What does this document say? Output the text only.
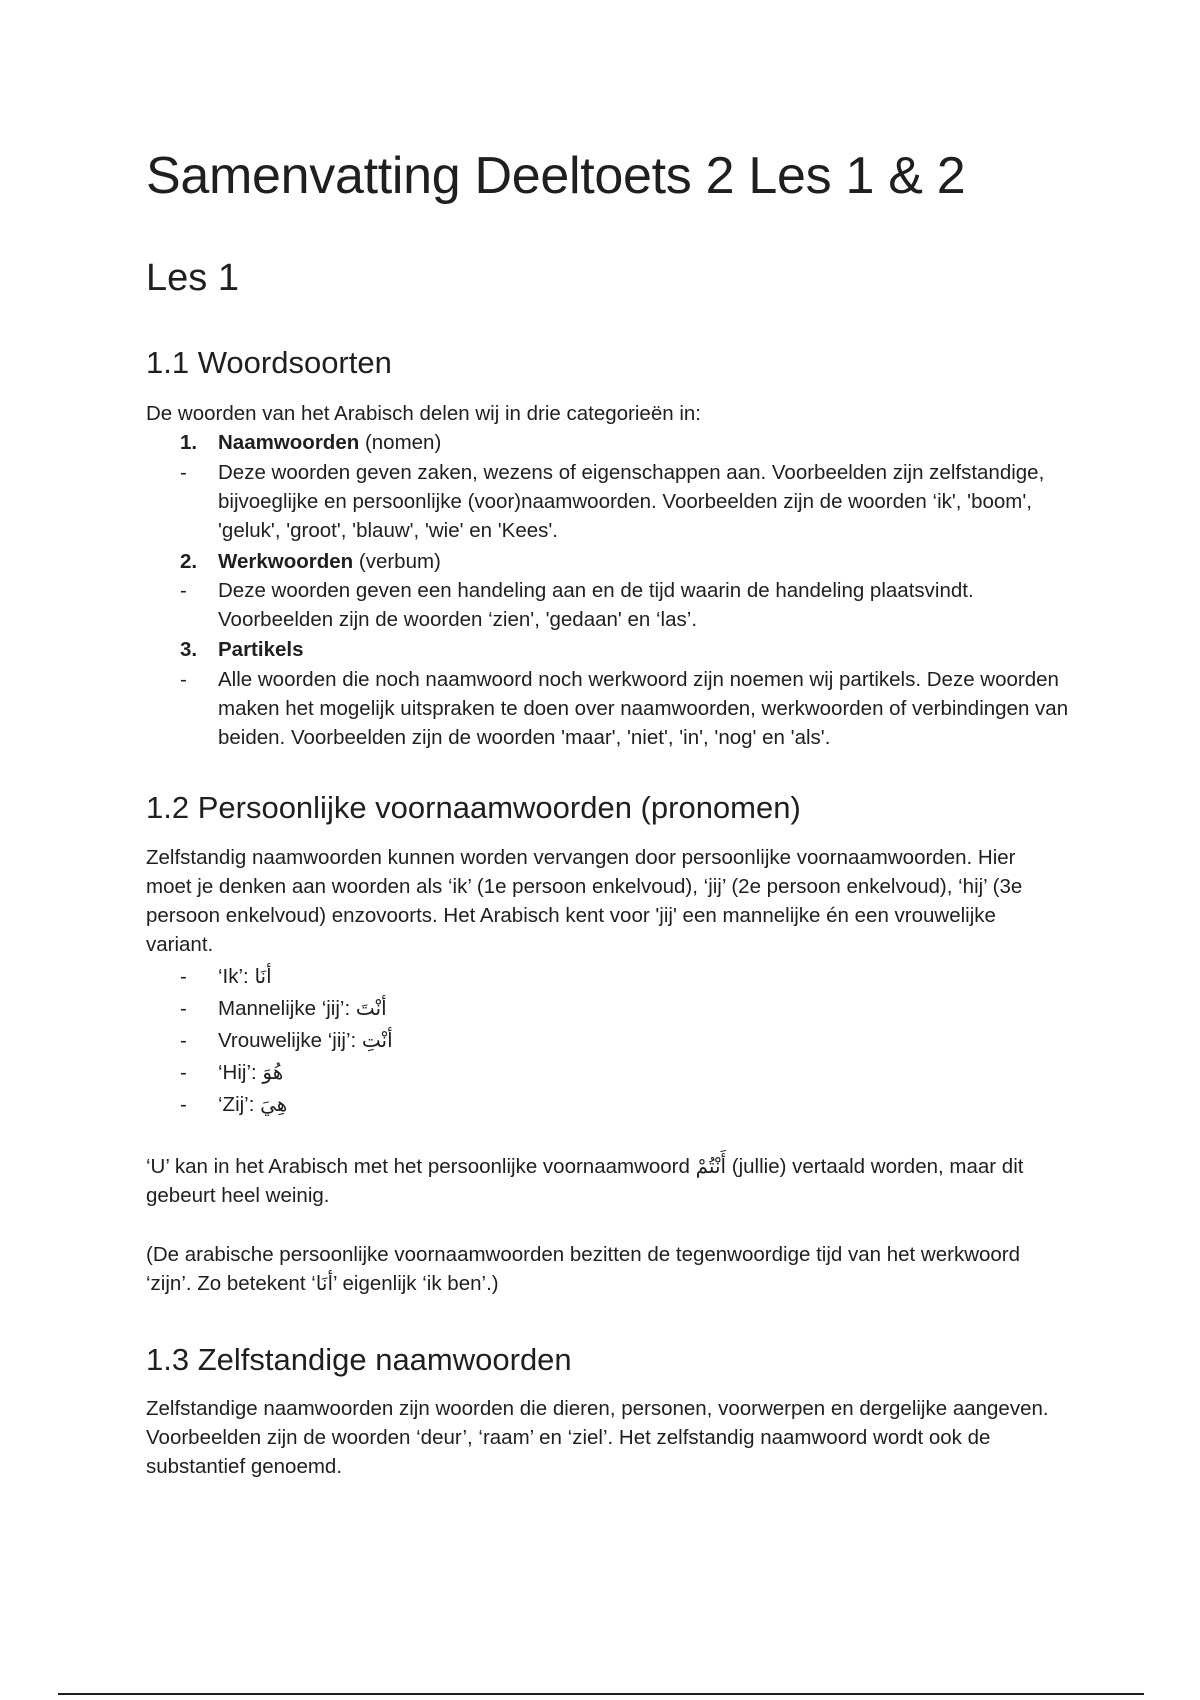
Samenvatting Deeltoets 2 Les 1 & 2
Les 1
1.1 Woordsoorten

De woorden van het Arabisch delen wij in drie categorieën in:

1. Naamwoorden (nomen)
- Deze woorden geven zaken, wezens of eigenschappen aan. Voorbeelden zijn zelfstandige, bijvoeglijke en persoonlijke (voor)naamwoorden. Voorbeelden zijn de woorden ‘ik', 'boom', 'geluk', 'groot', 'blauw', 'wie' en 'Kees'.
2. Werkwoorden (verbum)
- Deze woorden geven een handeling aan en de tijd waarin de handeling plaatsvindt. Voorbeelden zijn de woorden ‘zien', 'gedaan' en ‘las’.
3. Partikels
- Alle woorden die noch naamwoord noch werkwoord zijn noemen wij partikels. Deze woorden maken het mogelijk uitspraken te doen over naamwoorden, werkwoorden of verbindingen van beiden. Voorbeelden zijn de woorden 'maar', 'niet', 'in', 'nog' en 'als'.
1.2 Persoonlijke voornaamwoorden (pronomen)

Zelfstandig naamwoorden kunnen worden vervangen door persoonlijke voornaamwoorden. Hier moet je denken aan woorden als ‘ik’ (1e persoon enkelvoud), ‘jij’ (2e persoon enkelvoud), ‘hij’ (3e persoon enkelvoud) enzovoorts. Het Arabisch kent voor 'jij' een mannelijke én een vrouwelijke variant.

- ‘Ik’: أنَا
- Mannelijke ‘jij’: أنْتَ
- Vrouwelijke ‘jij’: أنْتِ
- ‘Hij’: هُوَ
- ‘Zij’: هِيَ

‘U’ kan in het Arabisch met het persoonlijke voornaamwoord أَنْتُمْ (jullie) vertaald worden, maar dit gebeurt heel weinig.

(De arabische persoonlijke voornaamwoorden bezitten de tegenwoordige tijd van het werkwoord ‘zijn’. Zo betekent ‘أنَا’ eigenlijk ‘ik ben’.)

1.3 Zelfstandige naamwoorden

Zelfstandige naamwoorden zijn woorden die dieren, personen, voorwerpen en dergelijke aangeven. Voorbeelden zijn de woorden ‘deur’, ‘raam’ en ‘ziel’. Het zelfstandig naamwoord wordt ook de substantief genoemd.
